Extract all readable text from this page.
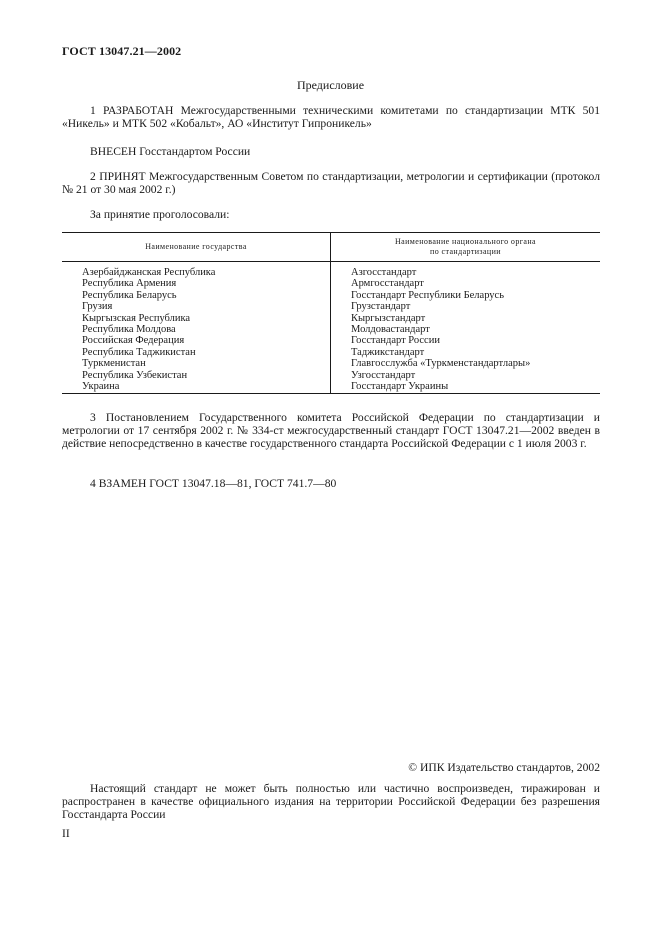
ГОСТ 13047.21—2002
Предисловие
1 РАЗРАБОТАН Межгосударственными техническими комитетами по стандартизации МТК 501 «Никель» и МТК 502 «Кобальт», АО «Институт Гипроникель»
ВНЕСЕН Госстандартом России
2 ПРИНЯТ Межгосударственным Советом по стандартизации, метрологии и сертификации (протокол № 21 от 30 мая 2002 г.)
За принятие проголосовали:
Наименование государства	Наименование национального органа
по стандартизации
Азербайджанская Республика	Азгосстандарт
Республика Армения	Армгосстандарт
Республика Беларусь	Госстандарт Республики Беларусь
Грузия	Грузстандарт
Кыргызская Республика	Кыргызстандарт
Республика Молдова	Молдовастандарт
Российская Федерация	Госстандарт России
Республика Таджикистан	Таджикстандарт
Туркменистан	Главгосслужба «Туркменстандартлары»
Республика Узбекистан	Узгосстандарт
Украина	Госстандарт Украины
3 Постановлением Государственного комитета Российской Федерации по стандартизации и метрологии от 17 сентября 2002 г. № 334-ст межгосударственный стандарт ГОСТ 13047.21—2002 введен в действие непосредственно в качестве государственного стандарта Российской Федерации с 1 июля 2003 г.
4 ВЗАМЕН ГОСТ 13047.18—81, ГОСТ 741.7—80
© ИПК Издательство стандартов, 2002
Настоящий стандарт не может быть полностью или частично воспроизведен, тиражирован и распространен в качестве официального издания на территории Российской Федерации без разрешения Госстандарта России
II
